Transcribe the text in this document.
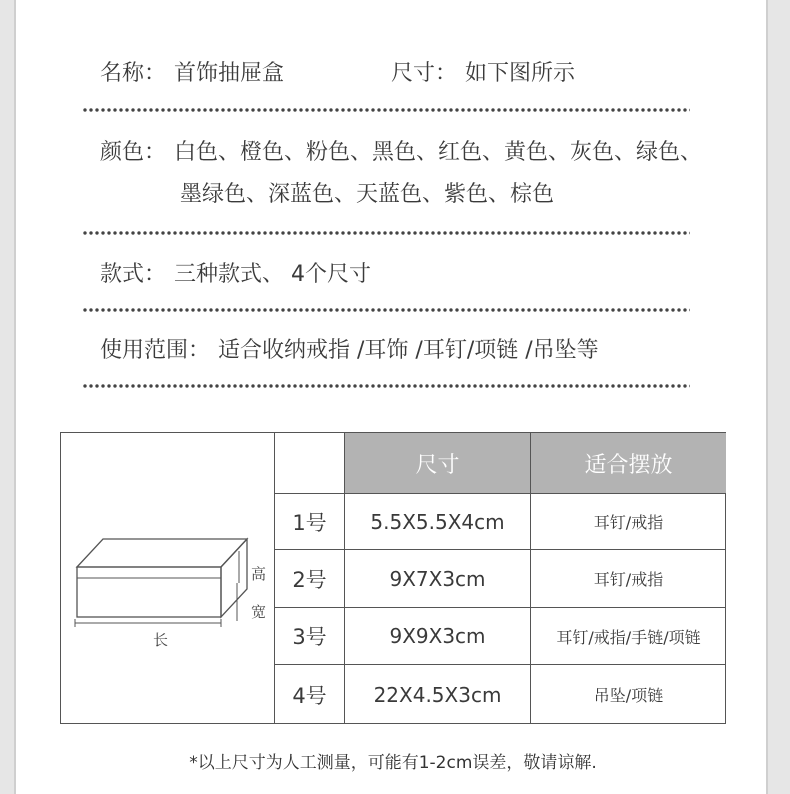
名称： 首饰抽屉盒	尺寸： 如下图所示
颜色： 白色、橙色、粉色、黑色、红色、黄色、灰色、绿色、
墨绿色、深蓝色、天蓝色、紫色、棕色
款式： 三种款式、 4个尺寸
使用范围： 适合收纳戒指 /耳饰 /耳钉/项链 /吊坠等
高
宽
长
尺寸	适合摆放
1号	5.5X5.5X4cm	耳钉/戒指
2号	9X7X3cm	耳钉/戒指
3号	9X9X3cm	耳钉/戒指/手链/项链
4号	22X4.5X3cm	吊坠/项链
*以上尺寸为人工测量，可能有1-2cm误差，敬请谅解.
